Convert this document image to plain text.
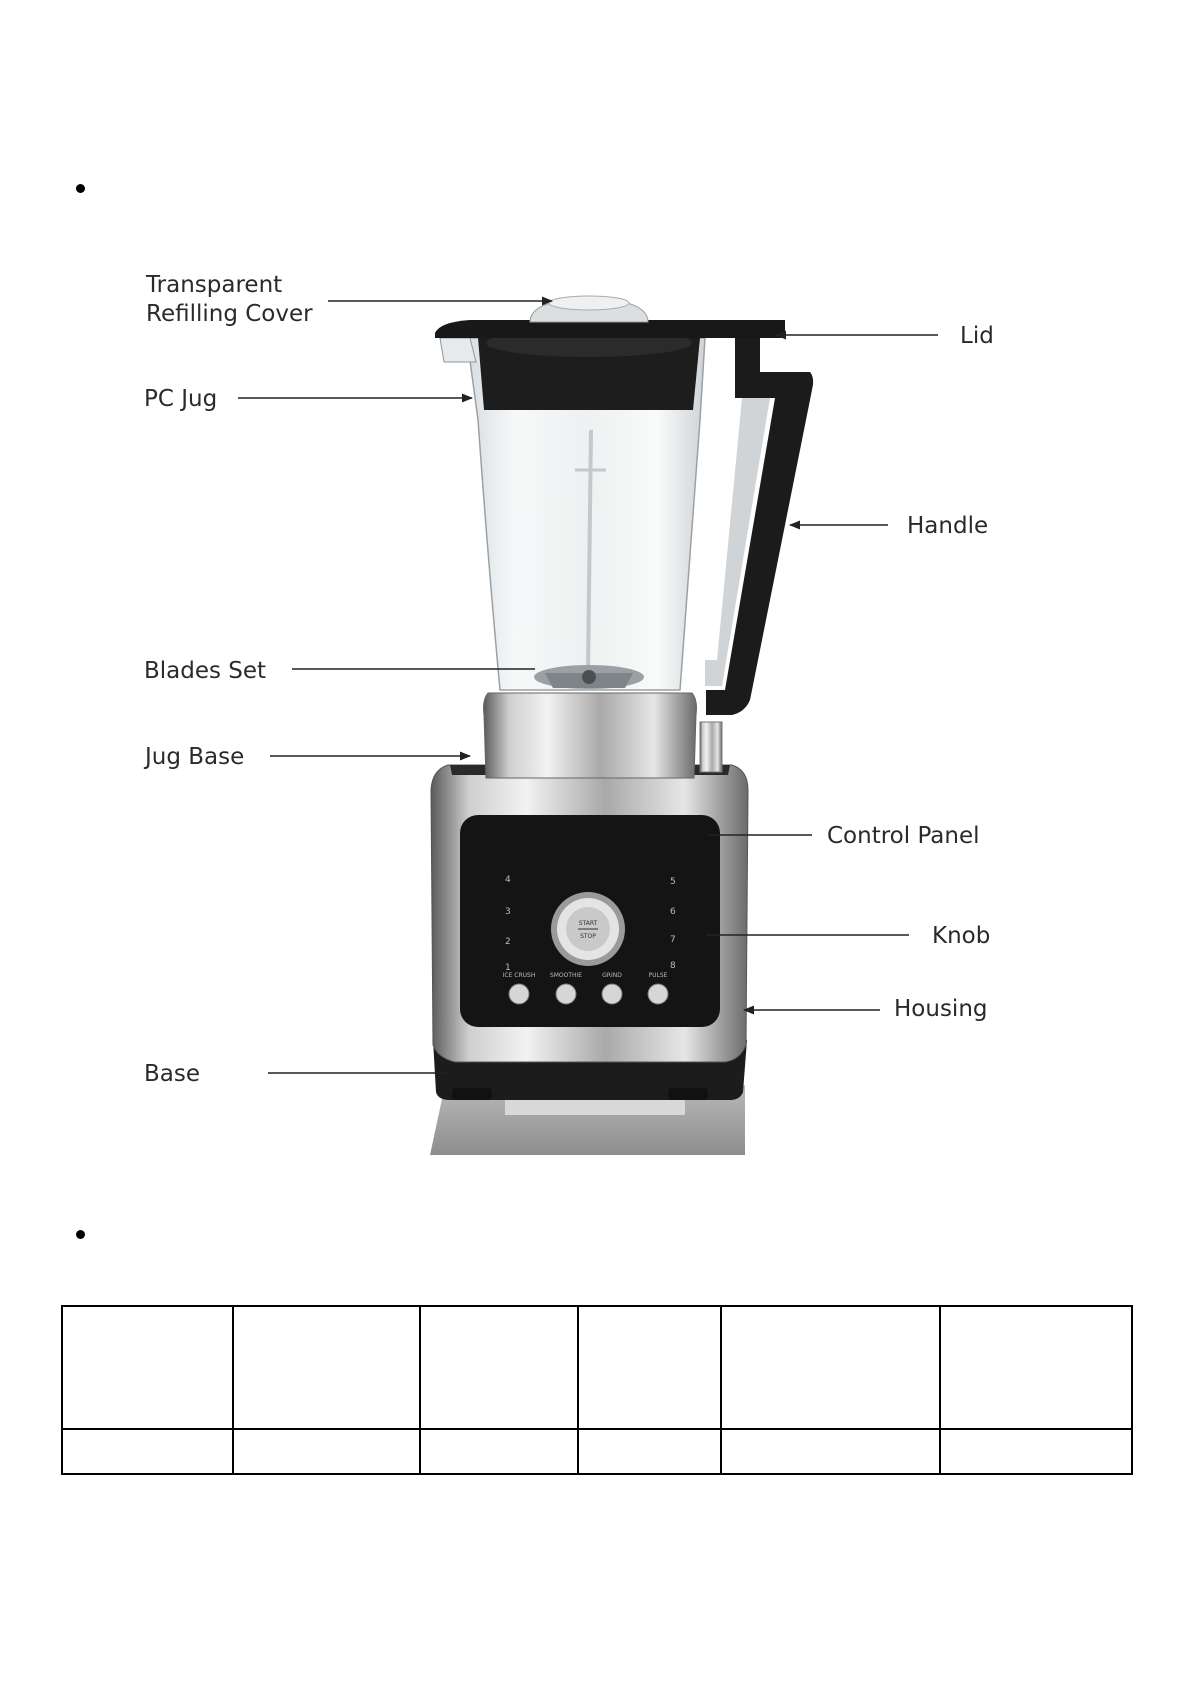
4
3
2
1
5
6
7
8
START
STOP
ICE CRUSH SMOOTHIE	GRIND	PULSE
Transparent
Refilling Cover
Lid
PC Jug
Handle
Blades Set
Jug Base
Control Panel
Knob
Housing
Base
